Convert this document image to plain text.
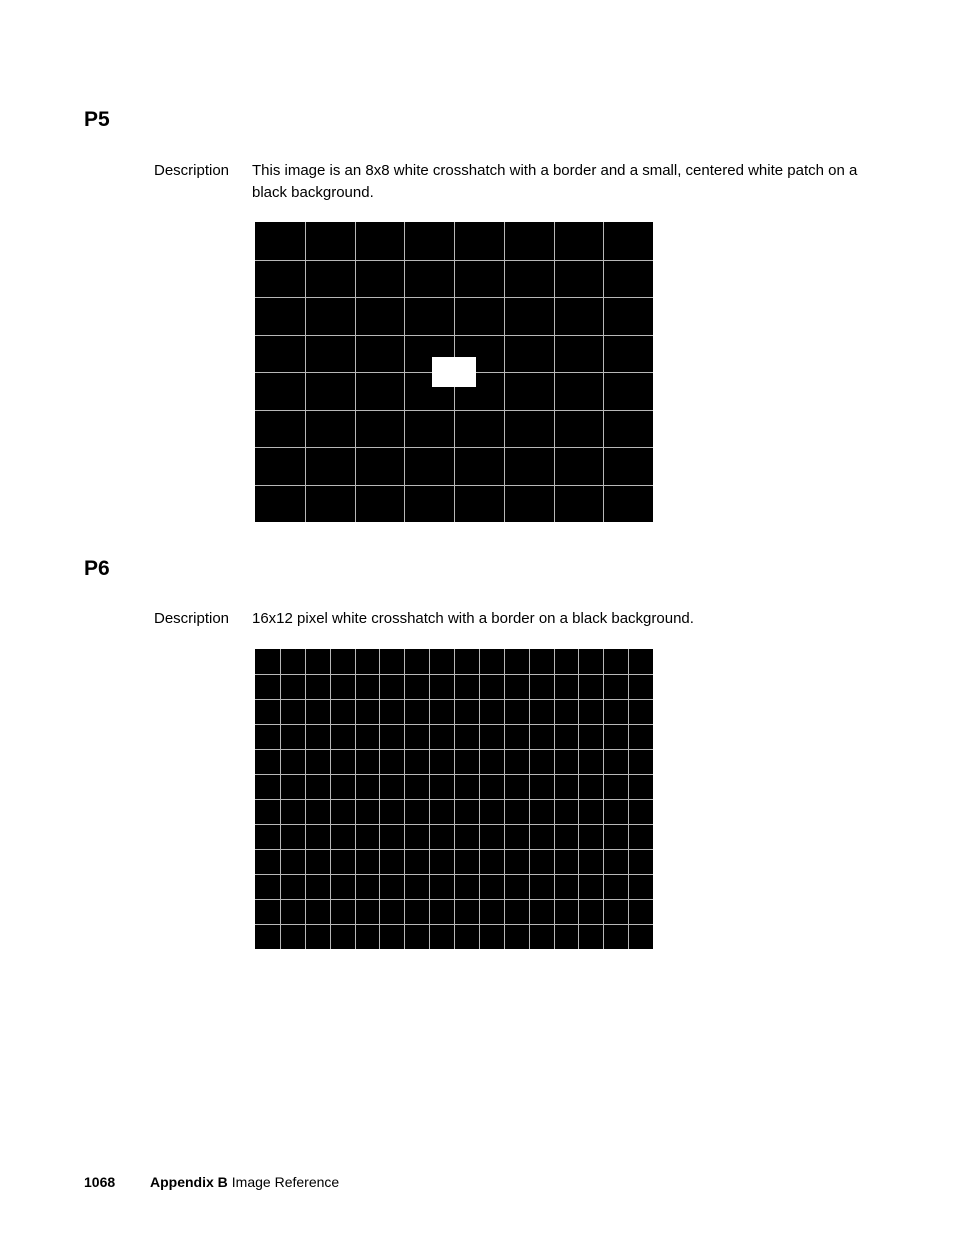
P5
Description This image is an 8x8 white crosshatch with a border and a small, centered white patch on a black background.
P6
Description 16x12 pixel white crosshatch with a border on a black background.
1068 Appendix B Image Reference
